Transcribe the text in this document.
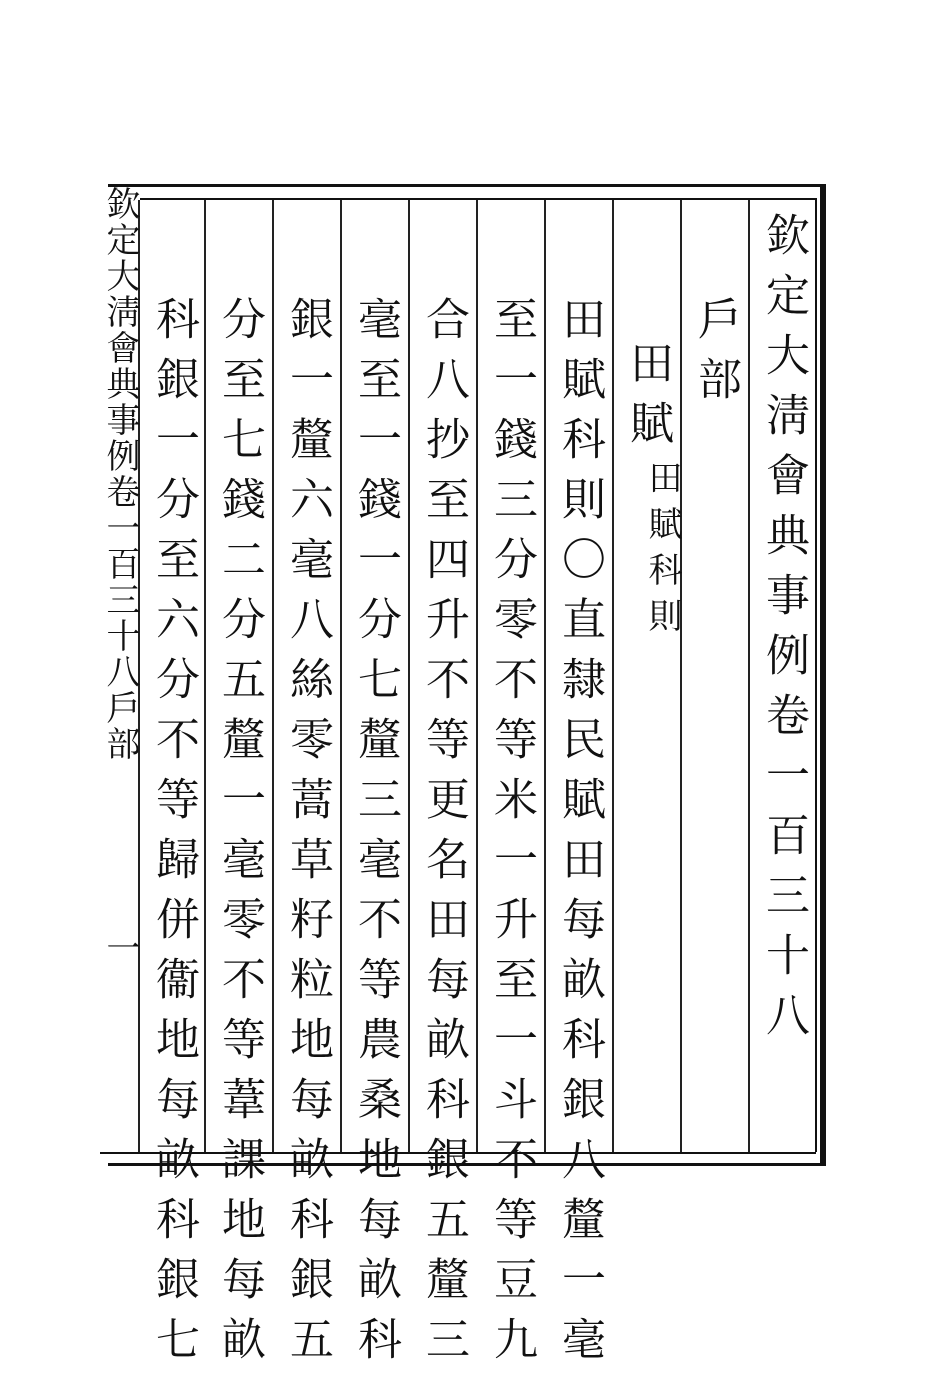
欽定大淸會典事例卷一百三十八
戶部
田賦
田賦科則
田賦科則〇直隸民賦田每畝科銀八釐一毫
至一錢三分零不等米一升至一斗不等豆九
合八抄至四升不等更名田每畝科銀五釐三
毫至一錢一分七釐三毫不等農桑地每畝科
銀一釐六毫八絲零蒿草籽粒地每畝科銀五
分至七錢二分五釐一毫零不等葦課地每畝
科銀一分至六分不等歸併衞地每畝科銀七
欽定大淸會典事例卷一百三十八戶部
一
